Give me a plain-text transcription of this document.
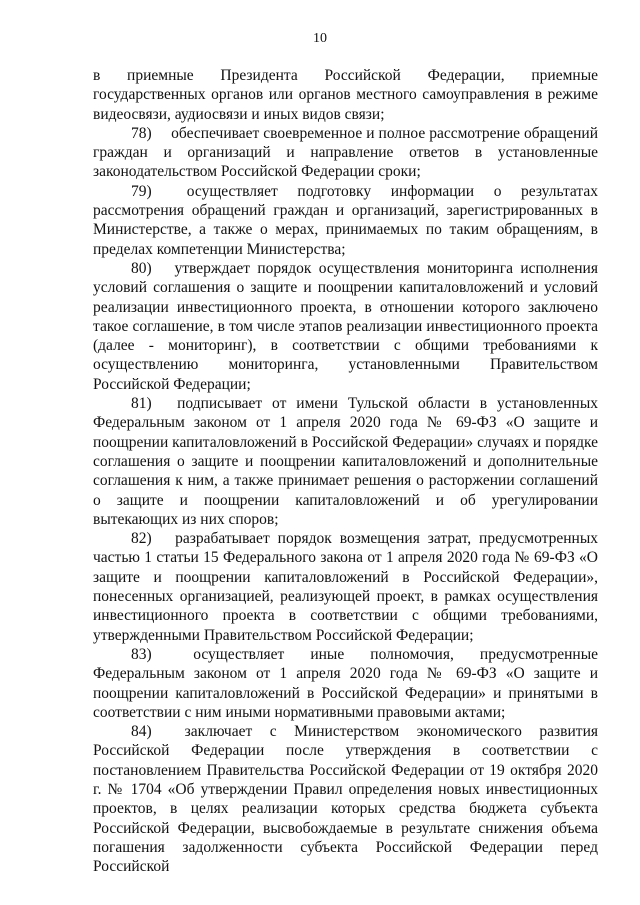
10

в приемные Президента Российской Федерации, приемные государственных органов или органов местного самоуправления в режиме видеосвязи, аудиосвязи и иных видов связи;

78)  обеспечивает своевременное и полное рассмотрение обращений граждан и организаций и направление ответов в установленные законодательством Российской Федерации сроки;

79)  осуществляет подготовку информации о результатах рассмотрения обращений граждан и организаций, зарегистрированных в Министерстве, а также о мерах, принимаемых по таким обращениям, в пределах компетенции Министерства;

80)  утверждает порядок осуществления мониторинга исполнения условий соглашения о защите и поощрении капиталовложений и условий реализации инвестиционного проекта, в отношении которого заключено такое соглашение, в том числе этапов реализации инвестиционного проекта (далее - мониторинг), в соответствии с общими требованиями к осуществлению мониторинга, установленными Правительством Российской Федерации;

81)  подписывает от имени Тульской области в установленных Федеральным законом от 1 апреля 2020 года № 69-ФЗ «О защите и поощрении капиталовложений в Российской Федерации» случаях и порядке соглашения о защите и поощрении капиталовложений и дополнительные соглашения к ним, а также принимает решения о расторжении соглашений о защите и поощрении капиталовложений и об урегулировании вытекающих из них споров;

82)  разрабатывает порядок возмещения затрат, предусмотренных частью 1 статьи 15 Федерального закона от 1 апреля 2020 года № 69-ФЗ «О защите и поощрении капиталовложений в Российской Федерации», понесенных организацией, реализующей проект, в рамках осуществления инвестиционного проекта в соответствии с общими требованиями, утвержденными Правительством Российской Федерации;

83)  осуществляет иные полномочия, предусмотренные Федеральным законом от 1 апреля 2020 года № 69-ФЗ «О защите и поощрении капиталовложений в Российской Федерации» и принятыми в соответствии с ним иными нормативными правовыми актами;

84)  заключает с Министерством экономического развития Российской Федерации после утверждения в соответствии с постановлением Правительства Российской Федерации от 19 октября 2020 г. № 1704 «Об утверждении Правил определения новых инвестиционных проектов, в целях реализации которых средства бюджета субъекта Российской Федерации, высвобождаемые в результате снижения объема погашения задолженности субъекта Российской Федерации перед Российской
